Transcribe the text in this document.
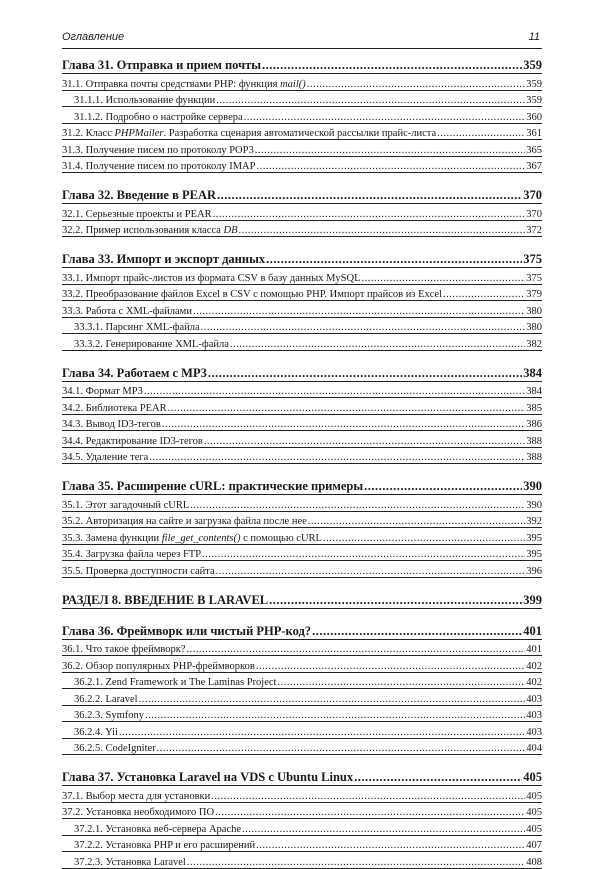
Оглавление	11
Глава 31. Отправка и прием почты .....	359
31.1. Отправка почты средствами PHP: функция mail() .....	359
31.1.1. Использование функции .....	359
31.1.2. Подробно о настройке сервера .....	360
31.2. Класс PHPMailer. Разработка сценария автоматической рассылки прайс-листа .....	361
31.3. Получение писем по протоколу POP3 .....	365
31.4. Получение писем по протоколу IMAP .....	367
Глава 32. Введение в PEAR .....	370
32.1. Серьезные проекты и PEAR .....	370
32.2. Пример использования класса DB .....	372
Глава 33. Импорт и экспорт данных .....	375
33.1. Импорт прайс-листов из формата CSV в базу данных MySQL .....	375
33.2. Преобразование файлов Excel в CSV с помощью PHP. Импорт прайсов из Excel .....	379
33.3. Работа с XML-файлами .....	380
33.3.1. Парсинг XML-файла .....	380
33.3.2. Генерирование XML-файла .....	382
Глава 34. Работаем с MP3 .....	384
34.1. Формат MP3 .....	384
34.2. Библиотека PEAR .....	385
34.3. Вывод ID3-тегов .....	386
34.4. Редактирование ID3-тегов .....	388
34.5. Удаление тега .....	388
Глава 35. Расширение cURL: практические примеры .....	390
35.1. Этот загадочный cURL .....	390
35.2. Авторизация на сайте и загрузка файла после нее .....	392
35.3. Замена функции file_get_contents() с помощью cURL .....	395
35.4. Загрузка файла через FTP .....	395
35.5. Проверка доступности сайта .....	396
РАЗДЕЛ 8. ВВЕДЕНИЕ В LARAVEL .....	399
Глава 36. Фреймворк или чистый PHP-код? .....	401
36.1. Что такое фреймворк? .....	401
36.2. Обзор популярных PHP-фреймворков .....	402
36.2.1. Zend Framework и The Laminas Project .....	402
36.2.2. Laravel .....	403
36.2.3. Symfony .....	403
36.2.4. Yii .....	403
36.2.5. CodeIgniter .....	404
Глава 37. Установка Laravel на VDS с Ubuntu Linux .....	405
37.1. Выбор места для установки .....	405
37.2. Установка необходимого ПО .....	405
37.2.1. Установка веб-сервера Apache .....	405
37.2.2. Установка PHP и его расширений .....	407
37.2.3. Установка Laravel .....	408
